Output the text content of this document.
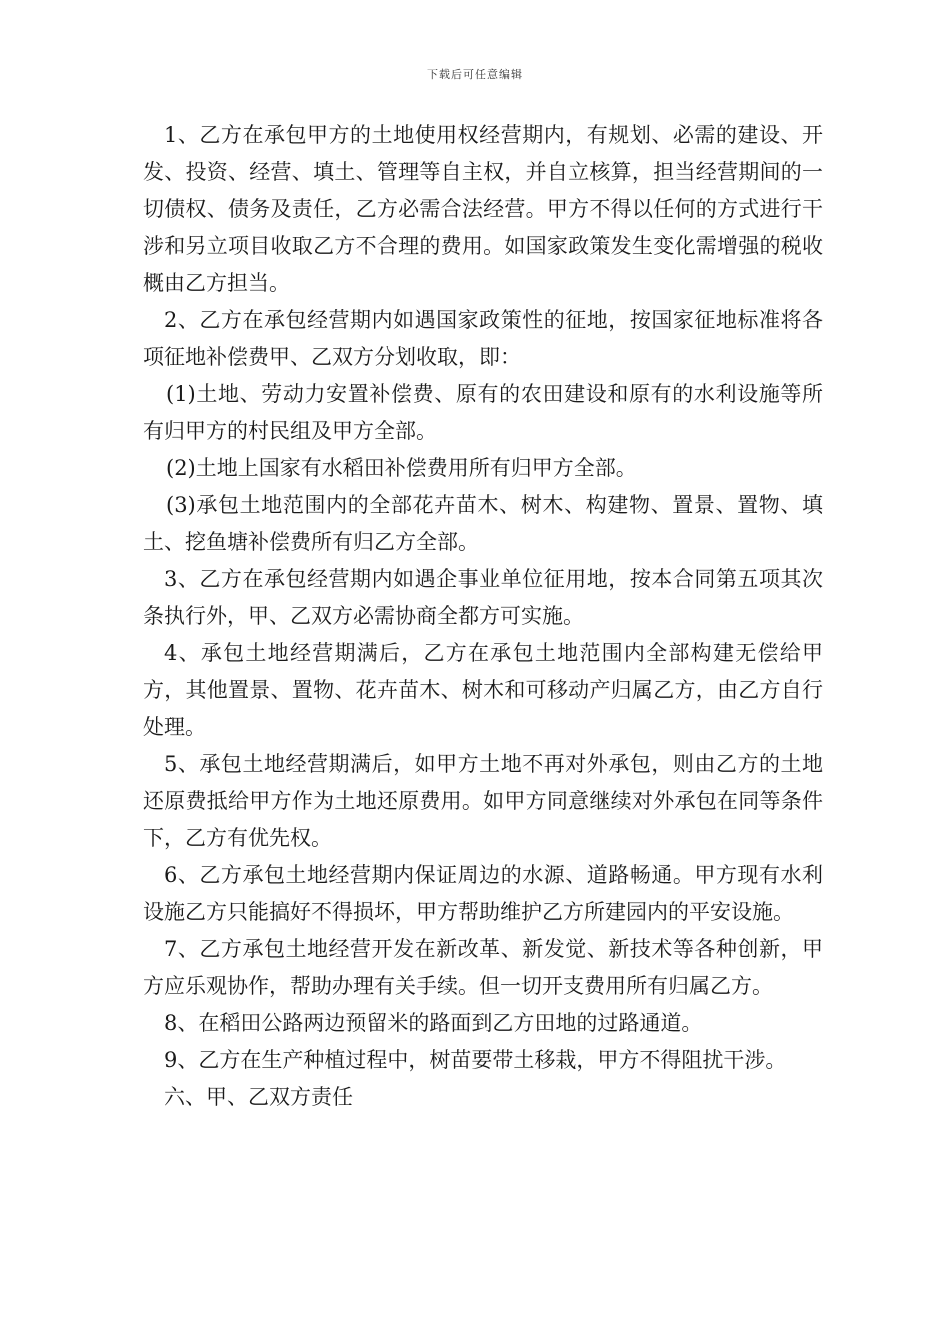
下载后可任意编辑

1、乙方在承包甲方的土地使用权经营期内，有规划、必需的建设、开发、投资、经营、填土、管理等自主权，并自立核算，担当经营期间的一切债权、债务及责任，乙方必需合法经营。甲方不得以任何的方式进行干涉和另立项目收取乙方不合理的费用。如国家政策发生变化需增强的税收概由乙方担当。

2、乙方在承包经营期内如遇国家政策性的征地，按国家征地标准将各项征地补偿费甲、乙双方分划收取，即：

(1)土地、劳动力安置补偿费、原有的农田建设和原有的水利设施等所有归甲方的村民组及甲方全部。

(2)土地上国家有水稻田补偿费用所有归甲方全部。

(3)承包土地范围内的全部花卉苗木、树木、构建物、置景、置物、填土、挖鱼塘补偿费所有归乙方全部。

3、乙方在承包经营期内如遇企事业单位征用地，按本合同第五项其次条执行外，甲、乙双方必需协商全都方可实施。

4、承包土地经营期满后，乙方在承包土地范围内全部构建无偿给甲方，其他置景、置物、花卉苗木、树木和可移动产归属乙方，由乙方自行处理。

5、承包土地经营期满后，如甲方土地不再对外承包，则由乙方的土地还原费抵给甲方作为土地还原费用。如甲方同意继续对外承包在同等条件下，乙方有优先权。

6、乙方承包土地经营期内保证周边的水源、道路畅通。甲方现有水利设施乙方只能搞好不得损坏，甲方帮助维护乙方所建园内的平安设施。

7、乙方承包土地经营开发在新改革、新发觉、新技术等各种创新，甲方应乐观协作，帮助办理有关手续。但一切开支费用所有归属乙方。

8、在稻田公路两边预留米的路面到乙方田地的过路通道。

9、乙方在生产种植过程中，树苗要带土移栽，甲方不得阻扰干涉。

六、甲、乙双方责任
